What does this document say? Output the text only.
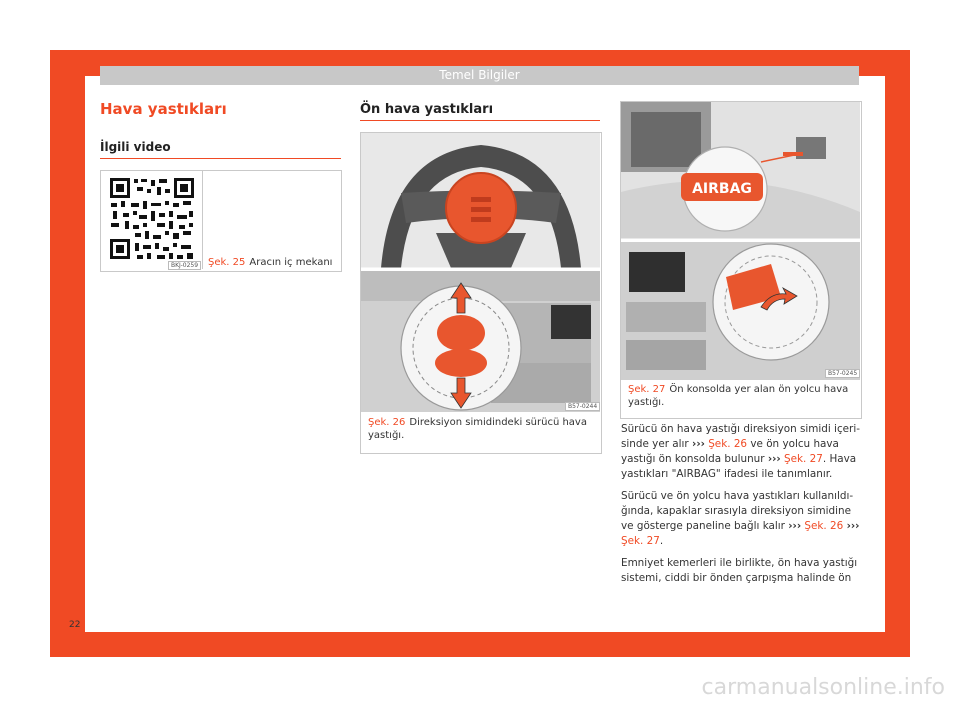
Temel Bilgiler
Hava yastıkları
İlgili video
BKJ-0259 Şek. 25 Aracın iç mekanı
Ön hava yastıkları
B57-0244
Şek. 26 Direksiyon simidindeki sürücü hava yastığı.
AIRBAG
B57-0245
Şek. 27 Ön konsolda yer alan ön yolcu hava yastığı.

Sürücü ön hava yastığı direksiyon simidi içeri-sinde yer alır ››› Şek. 26 ve ön yolcu hava yastığı ön konsolda bulunur ››› Şek. 27. Hava yastıkları "AIRBAG" ifadesi ile tanımlanır.

Sürücü ve ön yolcu hava yastıkları kullanıldı-ğında, kapaklar sırasıyla direksiyon simidine ve gösterge paneline bağlı kalır ››› Şek. 26 ››› Şek. 27.

Emniyet kemerleri ile birlikte, ön hava yastığı sistemi, ciddi bir önden çarpışma halinde ön

22
carmanualsonline.info
